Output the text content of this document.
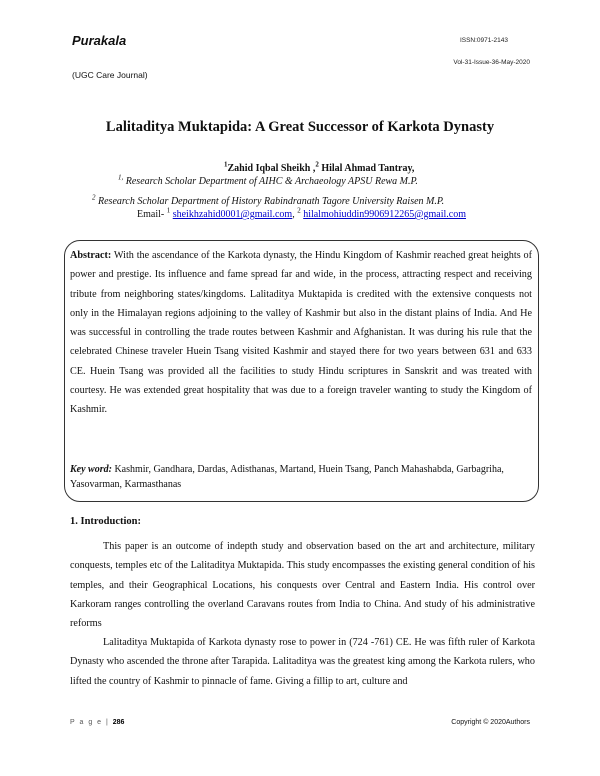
Purakala	ISSN:0971-2143
(UGC Care Journal)
Vol-31-Issue-36-May-2020
Lalitaditya Muktapida: A Great Successor of Karkota Dynasty
$^1$Zahid Iqbal Sheikh ,$^2$ Hilal Ahmad Tantray,
$^{1,}$ Research Scholar Department of AIHC & Archaeology APSU Rewa M.P.
$^2$ Research Scholar Department of History Rabindranath Tagore University Raisen M.P.
Email- $^1$ sheikhzahid0001@gmail.com, $^2$ hilalmohiuddin9906912265@gmail.com
Abstract: With the ascendance of the Karkota dynasty, the Hindu Kingdom of Kashmir reached great heights of power and prestige. Its influence and fame spread far and wide, in the process, attracting respect and receiving tribute from neighboring states/kingdoms. Lalitaditya Muktapida is credited with the extensive conquests not only in the Himalayan regions adjoining to the valley of Kashmir but also in the distant plains of India. And He was successful in controlling the trade routes between Kashmir and Afghanistan. It was during his rule that the celebrated Chinese traveler Huein Tsang visited Kashmir and stayed there for two years between 631 and 633 CE. Huein Tsang was provided all the facilities to study Hindu scriptures in Sanskrit and was treated with courtesy. He was extended great hospitality that was due to a foreign traveler wanting to study the Kingdom of Kashmir.
Key word: Kashmir, Gandhara, Dardas, Adisthanas, Martand, Huein Tsang, Panch Mahashabda, Garbagriha, Yasovarman, Karmasthanas
1. Introduction:
This paper is an outcome of indepth study and observation based on the art and architecture, military conquests, temples etc of the Lalitaditya Muktapida. This study encompasses the existing general condition of his temples, and their Geographical Locations, his conquests over Central and Eastern India. His control over Karkoram ranges controlling the overland Caravans routes from India to China. And study of his administrative reforms
Lalitaditya Muktapida of Karkota dynasty rose to power in (724 -761) CE. He was fifth ruler of Karkota Dynasty who ascended the throne after Tarapida. Lalitaditya was the greatest king among the Karkota rulers, who lifted the country of Kashmir to pinnacle of fame. Giving a fillip to art, culture and
P a g e | 286	Copyright © 2020Authors
